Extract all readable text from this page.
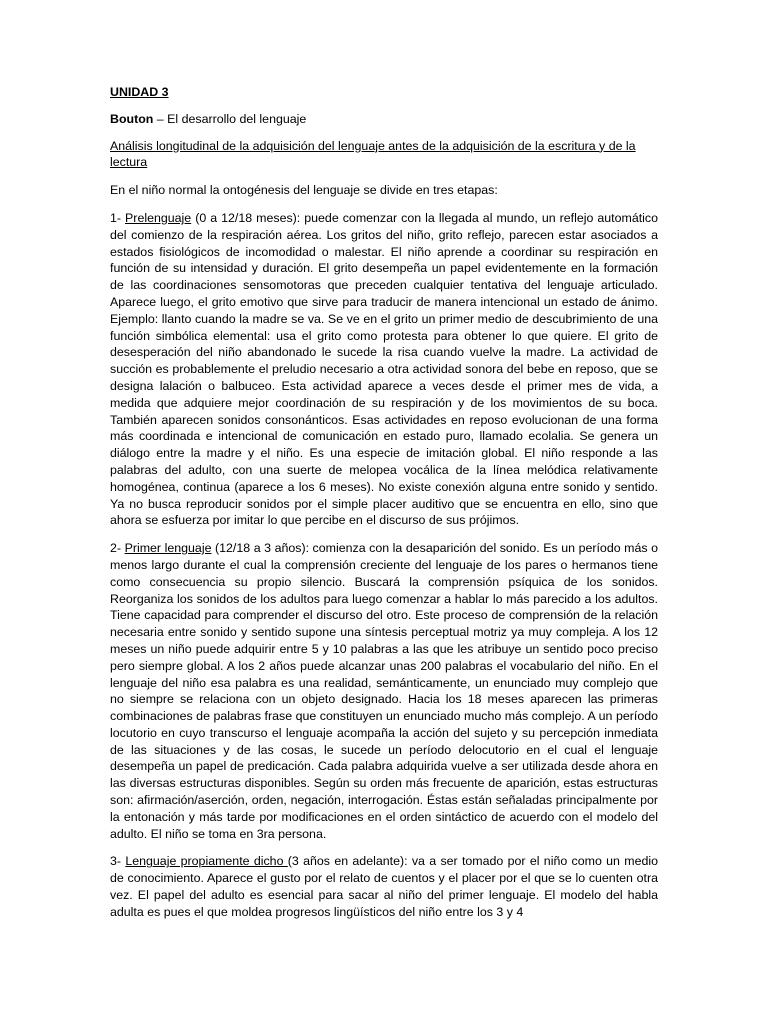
UNIDAD 3

Bouton – El desarrollo del lenguaje

Análisis longitudinal de la adquisición del lenguaje antes de la adquisición de la escritura y de la lectura

En el niño normal la ontogénesis del lenguaje se divide en tres etapas:

1- Prelenguaje (0 a 12/18 meses): puede comenzar con la llegada al mundo, un reflejo automático del comienzo de la respiración aérea. Los gritos del niño, grito reflejo, parecen estar asociados a estados fisiológicos de incomodidad o malestar. El niño aprende a coordinar su respiración en función de su intensidad y duración. El grito desempeña un papel evidentemente en la formación de las coordinaciones sensomotoras que preceden cualquier tentativa del lenguaje articulado. Aparece luego, el grito emotivo que sirve para traducir de manera intencional un estado de ánimo. Ejemplo: llanto cuando la madre se va. Se ve en el grito un primer medio de descubrimiento de una función simbólica elemental: usa el grito como protesta para obtener lo que quiere. El grito de desesperación del niño abandonado le sucede la risa cuando vuelve la madre. La actividad de succión es probablemente el preludio necesario a otra actividad sonora del bebe en reposo, que se designa lalación o balbuceo. Esta actividad aparece a veces desde el primer mes de vida, a medida que adquiere mejor coordinación de su respiración y de los movimientos de su boca. También aparecen sonidos consonánticos. Esas actividades en reposo evolucionan de una forma más coordinada e intencional de comunicación en estado puro, llamado ecolalia. Se genera un diálogo entre la madre y el niño. Es una especie de imitación global. El niño responde a las palabras del adulto, con una suerte de melopea vocálica de la línea melódica relativamente homogénea, continua (aparece a los 6 meses). No existe conexión alguna entre sonido y sentido. Ya no busca reproducir sonidos por el simple placer auditivo que se encuentra en ello, sino que ahora se esfuerza por imitar lo que percibe en el discurso de sus prójimos.

2- Primer lenguaje (12/18 a 3 años): comienza con la desaparición del sonido. Es un período más o menos largo durante el cual la comprensión creciente del lenguaje de los pares o hermanos tiene como consecuencia su propio silencio. Buscará la comprensión psíquica de los sonidos. Reorganiza los sonidos de los adultos para luego comenzar a hablar lo más parecido a los adultos. Tiene capacidad para comprender el discurso del otro. Este proceso de comprensión de la relación necesaria entre sonido y sentido supone una síntesis perceptual motriz ya muy compleja. A los 12 meses un niño puede adquirir entre 5 y 10 palabras a las que les atribuye un sentido poco preciso pero siempre global. A los 2 años puede alcanzar unas 200 palabras el vocabulario del niño. En el lenguaje del niño esa palabra es una realidad, semánticamente, un enunciado muy complejo que no siempre se relaciona con un objeto designado. Hacia los 18 meses aparecen las primeras combinaciones de palabras frase que constituyen un enunciado mucho más complejo. A un período locutorio en cuyo transcurso el lenguaje acompaña la acción del sujeto y su percepción inmediata de las situaciones y de las cosas, le sucede un período delocutorio en el cual el lenguaje desempeña un papel de predicación. Cada palabra adquirida vuelve a ser utilizada desde ahora en las diversas estructuras disponibles. Según su orden más frecuente de aparición, estas estructuras son: afirmación/aserción, orden, negación, interrogación. Éstas están señaladas principalmente por la entonación y más tarde por modificaciones en el orden sintáctico de acuerdo con el modelo del adulto. El niño se toma en 3ra persona.

3- Lenguaje propiamente dicho (3 años en adelante): va a ser tomado por el niño como un medio de conocimiento. Aparece el gusto por el relato de cuentos y el placer por el que se lo cuenten otra vez. El papel del adulto es esencial para sacar al niño del primer lenguaje. El modelo del habla adulta es pues el que moldea progresos lingüísticos del niño entre los 3 y 4
